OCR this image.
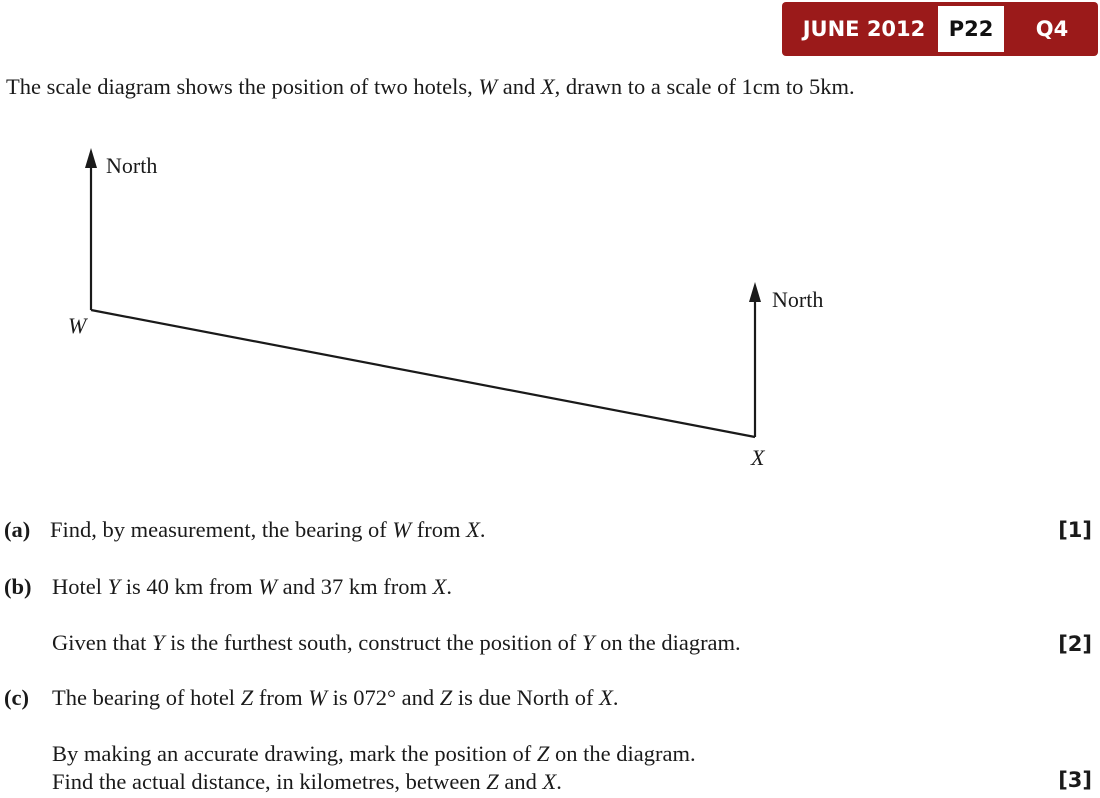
JUNE 2012	P22	Q4
The scale diagram shows the position of two hotels, W and X, drawn to a scale of 1cm to 5km.
North
North
W
X
(a) Find, by measurement, the bearing of W from X.	[1]
(b) Hotel Y is 40 km from W and 37 km from X.
Given that Y is the furthest south, construct the position of Y on the diagram.	[2]
(c) The bearing of hotel Z from W is 072° and Z is due North of X.
By making an accurate drawing, mark the position of Z on the diagram.
Find the actual distance, in kilometres, between Z and X.	[3]
